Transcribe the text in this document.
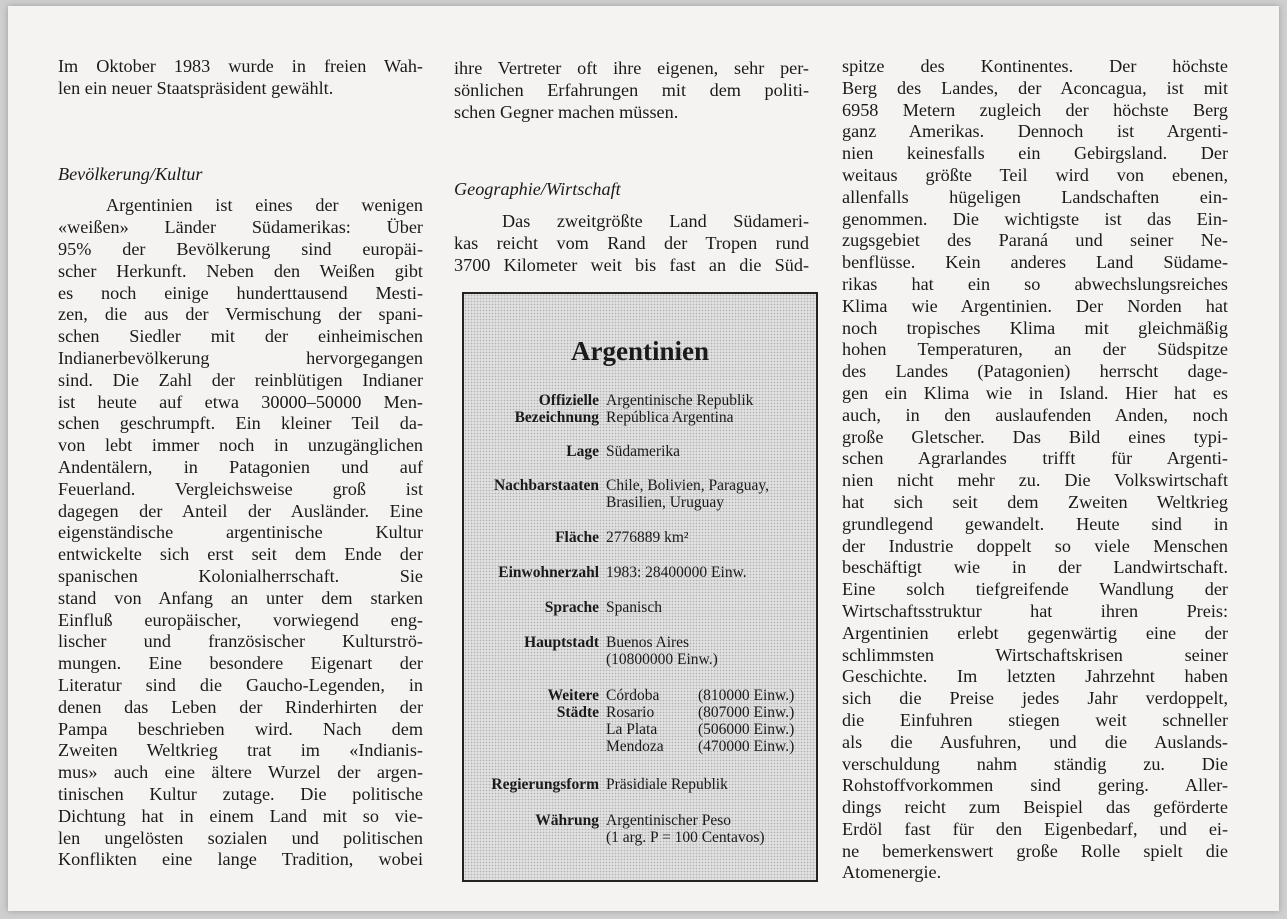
Im Oktober 1983 wurde in freien Wah-
len ein neuer Staatspräsident gewählt.
Bevölkerung/Kultur
Argentinien ist eines der wenigen
«weißen» Länder Südamerikas: Über
95% der Bevölkerung sind europäi-
scher Herkunft. Neben den Weißen gibt
es noch einige hunderttausend Mesti-
zen, die aus der Vermischung der spani-
schen Siedler mit der einheimischen
Indianerbevölkerung hervorgegangen
sind. Die Zahl der reinblütigen Indianer
ist heute auf etwa 30000–50000 Men-
schen geschrumpft. Ein kleiner Teil da-
von lebt immer noch in unzugänglichen
Andentälern, in Patagonien und auf
Feuerland. Vergleichsweise groß ist
dagegen der Anteil der Ausländer. Eine
eigenständische argentinische Kultur
entwickelte sich erst seit dem Ende der
spanischen Kolonialherrschaft. Sie
stand von Anfang an unter dem starken
Einfluß europäischer, vorwiegend eng-
lischer und französischer Kulturströ-
mungen. Eine besondere Eigenart der
Literatur sind die Gaucho-Legenden, in
denen das Leben der Rinderhirten der
Pampa beschrieben wird. Nach dem
Zweiten Weltkrieg trat im «Indianis-
mus» auch eine ältere Wurzel der argen-
tinischen Kultur zutage. Die politische
Dichtung hat in einem Land mit so vie-
len ungelösten sozialen und politischen
Konflikten eine lange Tradition, wobei
ihre Vertreter oft ihre eigenen, sehr per-
sönlichen Erfahrungen mit dem politi-
schen Gegner machen müssen.
Geographie/Wirtschaft
Das zweitgrößte Land Südameri-
kas reicht vom Rand der Tropen rund
3700 Kilometer weit bis fast an die Süd-
Argentinien
Offizielle
Bezeichnung
Argentinische Republik
República Argentina
Lage Südamerika
Nachbarstaaten Chile, Bolivien, Paraguay,
Brasilien, Uruguay
Fläche 2776889 km²
Einwohnerzahl 1983: 28400000 Einw.
Sprache Spanisch
Hauptstadt Buenos Aires
(10800000 Einw.)
Weitere
Städte
Córdoba (810000 Einw.)
Rosario	(807000 Einw.)
La Plata	(506000 Einw.)
Mendoza (470000 Einw.)
Regierungsform Präsidiale Republik
Währung Argentinischer Peso
(1 arg. P = 100 Centavos)
spitze des Kontinentes. Der höchste
Berg des Landes, der Aconcagua, ist mit
6958 Metern zugleich der höchste Berg
ganz Amerikas. Dennoch ist Argenti-
nien keinesfalls ein Gebirgsland. Der
weitaus größte Teil wird von ebenen,
allenfalls hügeligen Landschaften ein-
genommen. Die wichtigste ist das Ein-
zugsgebiet des Paraná und seiner Ne-
benflüsse. Kein anderes Land Südame-
rikas hat ein so abwechslungsreiches
Klima wie Argentinien. Der Norden hat
noch tropisches Klima mit gleichmäßig
hohen Temperaturen, an der Südspitze
des Landes (Patagonien) herrscht dage-
gen ein Klima wie in Island. Hier hat es
auch, in den auslaufenden Anden, noch
große Gletscher. Das Bild eines typi-
schen Agrarlandes trifft für Argenti-
nien nicht mehr zu. Die Volkswirtschaft
hat sich seit dem Zweiten Weltkrieg
grundlegend gewandelt. Heute sind in
der Industrie doppelt so viele Menschen
beschäftigt wie in der Landwirtschaft.
Eine solch tiefgreifende Wandlung der
Wirtschaftsstruktur hat ihren Preis:
Argentinien erlebt gegenwärtig eine der
schlimmsten Wirtschaftskrisen seiner
Geschichte. Im letzten Jahrzehnt haben
sich die Preise jedes Jahr verdoppelt,
die Einfuhren stiegen weit schneller
als die Ausfuhren, und die Auslands-
verschuldung nahm ständig zu. Die
Rohstoffvorkommen sind gering. Aller-
dings reicht zum Beispiel das geförderte
Erdöl fast für den Eigenbedarf, und ei-
ne bemerkenswert große Rolle spielt die
Atomenergie.
